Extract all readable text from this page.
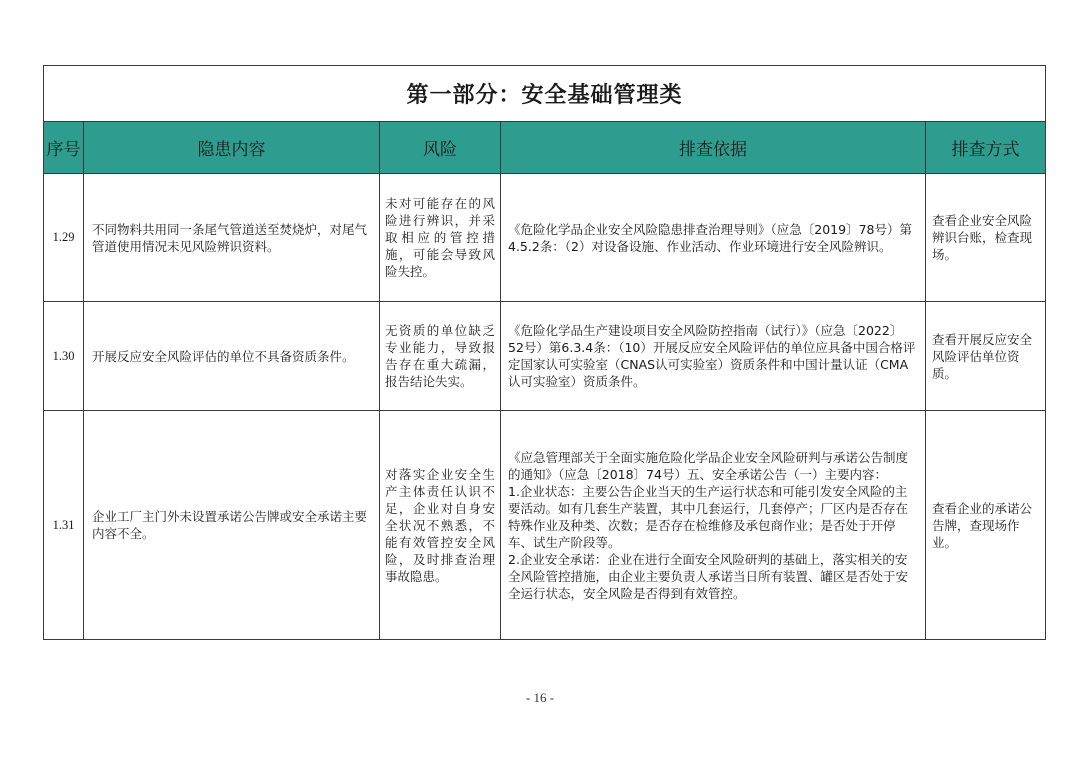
第一部分：安全基础管理类				
序号	隐患内容	风险	排查依据	排查方式
1.29	不同物料共用同一条尾气管道送至焚烧炉，对尾气管道使用情况未见风险辨识资料。	未对可能存在的风险进行辨识，并采取相应的管控措施，可能会导致风险失控。	《危险化学品企业安全风险隐患排查治理导则》（应急〔2019〕78号）第4.5.2条：（2）对设备设施、作业活动、作业环境进行安全风险辨识。	查看企业安全风险辨识台账，检查现场。
1.30	开展反应安全风险评估的单位不具备资质条件。	无资质的单位缺乏专业能力，导致报告存在重大疏漏，报告结论失实。	《危险化学品生产建设项目安全风险防控指南（试行）》（应急〔2022〕52号）第6.3.4条：（10）开展反应安全风险评估的单位应具备中国合格评定国家认可实验室（CNAS认可实验室）资质条件和中国计量认证（CMA认可实验室）资质条件。	查看开展反应安全风险评估单位资质。
1.31	企业工厂主门外未设置承诺公告牌或安全承诺主要内容不全。	对落实企业安全生产主体责任认识不足，企业对自身安全状况不熟悉，不能有效管控安全风险，及时排查治理事故隐患。	《应急管理部关于全面实施危险化学品企业安全风险研判与承诺公告制度的通知》（应急〔2018〕74号）五、安全承诺公告（一）主要内容：
1.企业状态：主要公告企业当天的生产运行状态和可能引发安全风险的主要活动。如有几套生产装置，其中几套运行，几套停产；厂区内是否存在特殊作业及种类、次数；是否存在检维修及承包商作业；是否处于开停车、试生产阶段等。
2.企业安全承诺：企业在进行全面安全风险研判的基础上，落实相关的安全风险管控措施，由企业主要负责人承诺当日所有装置、罐区是否处于安全运行状态，安全风险是否得到有效管控。	查看企业的承诺公告牌，查现场作业。
- 16 -
